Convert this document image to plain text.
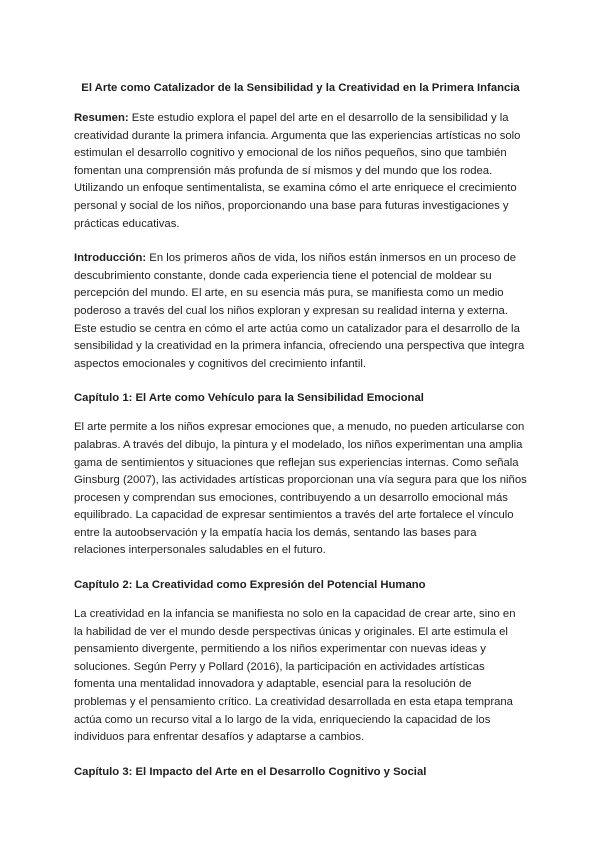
El Arte como Catalizador de la Sensibilidad y la Creatividad en la Primera Infancia

Resumen: Este estudio explora el papel del arte en el desarrollo de la sensibilidad y la creatividad durante la primera infancia. Argumenta que las experiencias artísticas no solo estimulan el desarrollo cognitivo y emocional de los niños pequeños, sino que también fomentan una comprensión más profunda de sí mismos y del mundo que los rodea. Utilizando un enfoque sentimentalista, se examina cómo el arte enriquece el crecimiento personal y social de los niños, proporcionando una base para futuras investigaciones y prácticas educativas.

Introducción: En los primeros años de vida, los niños están inmersos en un proceso de descubrimiento constante, donde cada experiencia tiene el potencial de moldear su percepción del mundo. El arte, en su esencia más pura, se manifiesta como un medio poderoso a través del cual los niños exploran y expresan su realidad interna y externa. Este estudio se centra en cómo el arte actúa como un catalizador para el desarrollo de la sensibilidad y la creatividad en la primera infancia, ofreciendo una perspectiva que integra aspectos emocionales y cognitivos del crecimiento infantil.

Capítulo 1: El Arte como Vehículo para la Sensibilidad Emocional

El arte permite a los niños expresar emociones que, a menudo, no pueden articularse con palabras. A través del dibujo, la pintura y el modelado, los niños experimentan una amplia gama de sentimientos y situaciones que reflejan sus experiencias internas. Como señala Ginsburg (2007), las actividades artísticas proporcionan una vía segura para que los niños procesen y comprendan sus emociones, contribuyendo a un desarrollo emocional más equilibrado. La capacidad de expresar sentimientos a través del arte fortalece el vínculo entre la autoobservación y la empatía hacia los demás, sentando las bases para relaciones interpersonales saludables en el futuro.

Capítulo 2: La Creatividad como Expresión del Potencial Humano

La creatividad en la infancia se manifiesta no solo en la capacidad de crear arte, sino en la habilidad de ver el mundo desde perspectivas únicas y originales. El arte estimula el pensamiento divergente, permitiendo a los niños experimentar con nuevas ideas y soluciones. Según Perry y Pollard (2016), la participación en actividades artísticas fomenta una mentalidad innovadora y adaptable, esencial para la resolución de problemas y el pensamiento crítico. La creatividad desarrollada en esta etapa temprana actúa como un recurso vital a lo largo de la vida, enriqueciendo la capacidad de los individuos para enfrentar desafíos y adaptarse a cambios.

Capítulo 3: El Impacto del Arte en el Desarrollo Cognitivo y Social
